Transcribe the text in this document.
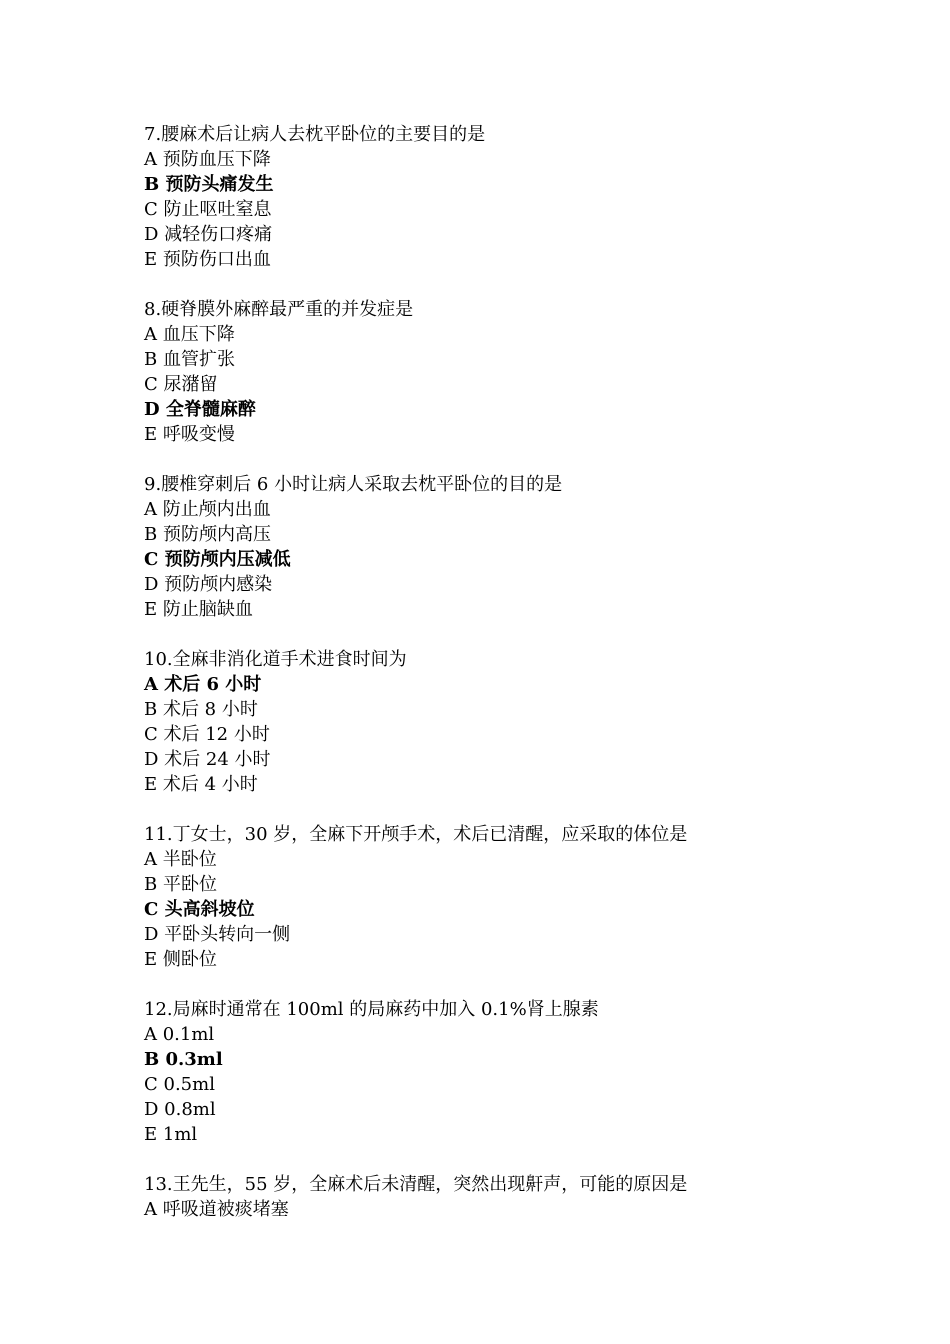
7.腰麻术后让病人去枕平卧位的主要目的是
A 预防血压下降
B 预防头痛发生
C 防止呕吐窒息
D 减轻伤口疼痛
E 预防伤口出血
8.硬脊膜外麻醉最严重的并发症是
A 血压下降
B 血管扩张
C 尿潴留
D 全脊髓麻醉
E 呼吸变慢
9.腰椎穿刺后 6 小时让病人采取去枕平卧位的目的是
A 防止颅内出血
B 预防颅内高压
C 预防颅内压减低
D 预防颅内感染
E 防止脑缺血
10.全麻非消化道手术进食时间为
A 术后 6 小时
B 术后 8 小时
C 术后 12 小时
D 术后 24 小时
E 术后 4 小时
11.丁女士，30 岁，全麻下开颅手术，术后已清醒，应采取的体位是
A 半卧位
B 平卧位
C 头高斜坡位
D 平卧头转向一侧
E 侧卧位
12.局麻时通常在 100ml 的局麻药中加入 0.1%肾上腺素
A 0.1ml
B 0.3ml
C 0.5ml
D 0.8ml
E 1ml
13.王先生，55 岁，全麻术后未清醒，突然出现鼾声，可能的原因是
A 呼吸道被痰堵塞
